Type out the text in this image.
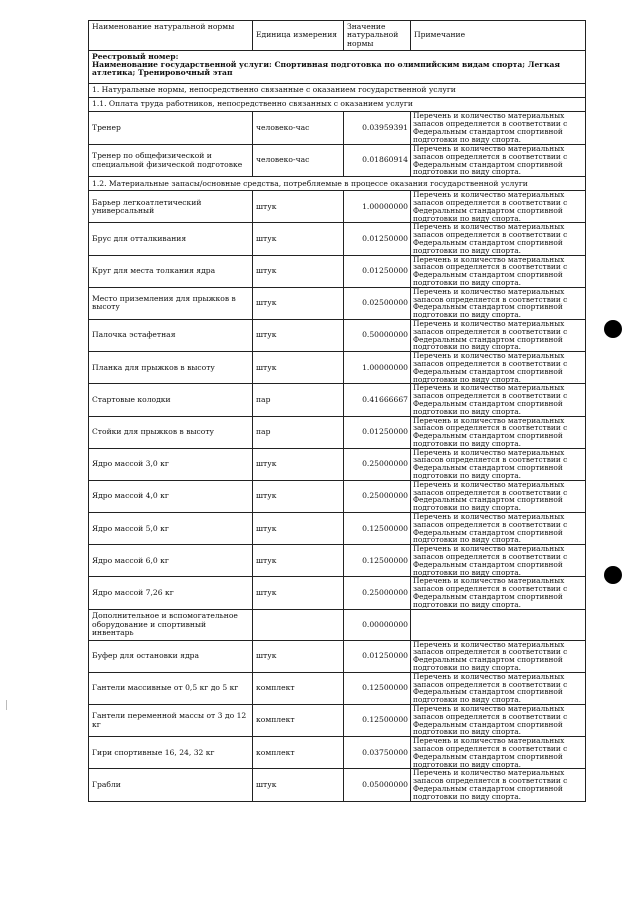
Наименование натуральной нормы	Единица измерения	Значение натуральной нормы	Примечание

Реестровый номер:
Наименование государственной услуги: Спортивная подготовка по олимпийским видам спорта; Легкая атлетика; Тренировочный этап			

1. Натуральные нормы, непосредственно связанные с оказанием государственной услуги			
1.1. Оплата труда работников, непосредственно связанных с оказанием услуги			
Тренер	человеко-час	0.03959391	Перечень и количество материальных запасов определяется в соответствии с Федеральным стандартом спортивной подготовки по виду спорта.
Тренер по общефизической и специальной физической подготовке	человеко-час	0.01860914	Перечень и количество материальных запасов определяется в соответствии с Федеральным стандартом спортивной подготовки по виду спорта.
1.2. Материальные запасы/основные средства, потребляемые в процессе оказания государственной услуги			
Барьер легкоатлетический универсальный	штук	1.00000000	Перечень и количество материальных запасов определяется в соответствии с Федеральным стандартом спортивной подготовки по виду спорта.
Брус для отталкивания	штук	0.01250000	Перечень и количество материальных запасов определяется в соответствии с Федеральным стандартом спортивной подготовки по виду спорта.
Круг для места толкания ядра	штук	0.01250000	Перечень и количество материальных запасов определяется в соответствии с Федеральным стандартом спортивной подготовки по виду спорта.
Место приземления для прыжков в высоту	штук	0.02500000	Перечень и количество материальных запасов определяется в соответствии с Федеральным стандартом спортивной подготовки по виду спорта.
Палочка эстафетная	штук	0.50000000	Перечень и количество материальных запасов определяется в соответствии с Федеральным стандартом спортивной подготовки по виду спорта.
Планка для прыжков в высоту	штук	1.00000000	Перечень и количество материальных запасов определяется в соответствии с Федеральным стандартом спортивной подготовки по виду спорта.
Стартовые колодки	пар	0.41666667	Перечень и количество материальных запасов определяется в соответствии с Федеральным стандартом спортивной подготовки по виду спорта.
Стойки для прыжков в высоту	пар	0.01250000	Перечень и количество материальных запасов определяется в соответствии с Федеральным стандартом спортивной подготовки по виду спорта.
Ядро массой 3,0 кг	штук	0.25000000	Перечень и количество материальных запасов определяется в соответствии с Федеральным стандартом спортивной подготовки по виду спорта.
Ядро массой 4,0 кг	штук	0.25000000	Перечень и количество материальных запасов определяется в соответствии с Федеральным стандартом спортивной подготовки по виду спорта.
Ядро массой 5,0 кг	штук	0.12500000	Перечень и количество материальных запасов определяется в соответствии с Федеральным стандартом спортивной подготовки по виду спорта.
Ядро массой 6,0 кг	штук	0.12500000	Перечень и количество материальных запасов определяется в соответствии с Федеральным стандартом спортивной подготовки по виду спорта.
Ядро массой 7,26 кг	штук	0.25000000	Перечень и количество материальных запасов определяется в соответствии с Федеральным стандартом спортивной подготовки по виду спорта.
Дополнительное и вспомогательное оборудование и спортивный инвентарь		0.00000000	
Буфер для остановки ядра	штук	0.01250000	Перечень и количество материальных запасов определяется в соответствии с Федеральным стандартом спортивной подготовки по виду спорта.
Гантели массивные от 0,5 кг до 5 кг	комплект	0.12500000	Перечень и количество материальных запасов определяется в соответствии с Федеральным стандартом спортивной подготовки по виду спорта.
Гантели переменной массы от 3 до 12 кг	комплект	0.12500000	Перечень и количество материальных запасов определяется в соответствии с Федеральным стандартом спортивной подготовки по виду спорта.
Гири спортивные 16, 24, 32 кг	комплект	0.03750000	Перечень и количество материальных запасов определяется в соответствии с Федеральным стандартом спортивной подготовки по виду спорта.
Грабли	штук	0.05000000	Перечень и количество материальных запасов определяется в соответствии с Федеральным стандартом спортивной подготовки по виду спорта.
